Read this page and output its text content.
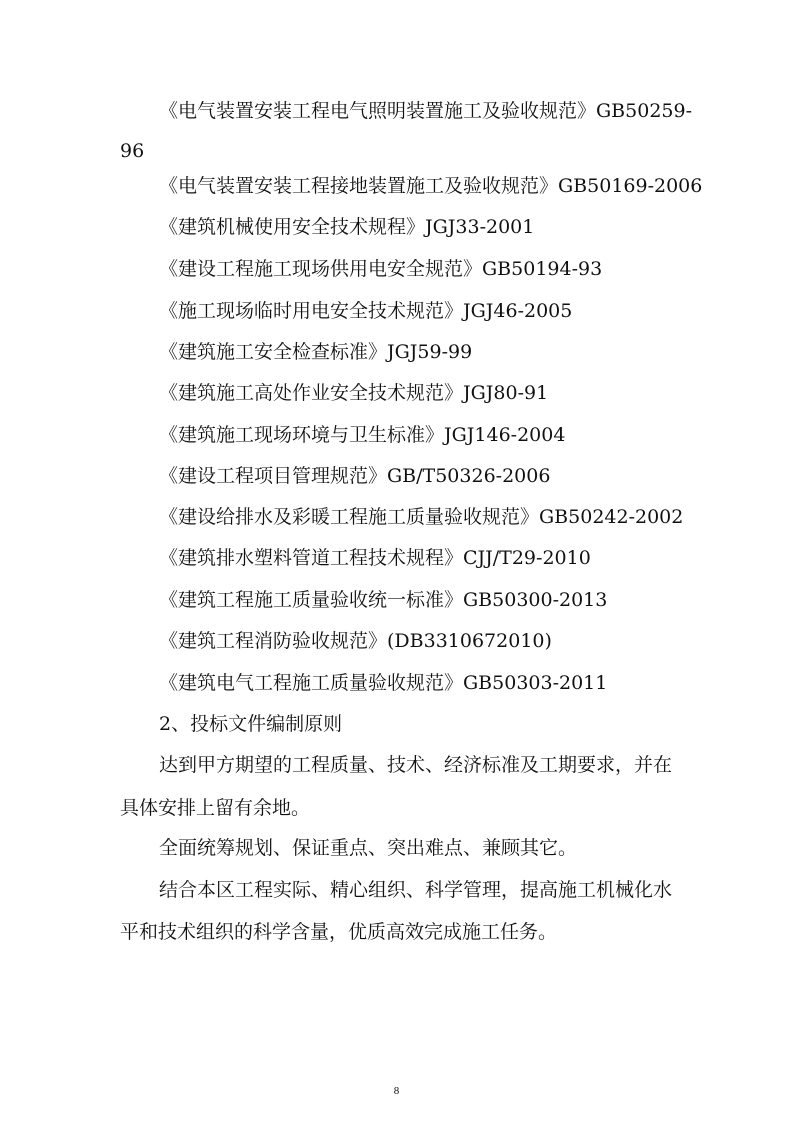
《电气装置安装工程电气照明装置施工及验收规范》GB50259-
96
《电气装置安装工程接地装置施工及验收规范》GB50169-2006
《建筑机械使用安全技术规程》JGJ33-2001
《建设工程施工现场供用电安全规范》GB50194-93
《施工现场临时用电安全技术规范》JGJ46-2005
《建筑施工安全检查标准》JGJ59-99
《建筑施工高处作业安全技术规范》JGJ80-91
《建筑施工现场环境与卫生标准》JGJ146-2004
《建设工程项目管理规范》GB/T50326-2006
《建设给排水及彩暖工程施工质量验收规范》GB50242-2002
《建筑排水塑料管道工程技术规程》CJJ/T29-2010
《建筑工程施工质量验收统一标准》GB50300-2013
《建筑工程消防验收规范》(DB3310672010)
《建筑电气工程施工质量验收规范》GB50303-2011
2、投标文件编制原则
达到甲方期望的工程质量、技术、经济标准及工期要求，并在
具体安排上留有余地。
全面统筹规划、保证重点、突出难点、兼顾其它。
结合本区工程实际、精心组织、科学管理，提高施工机械化水
平和技术组织的科学含量，优质高效完成施工任务。
8
